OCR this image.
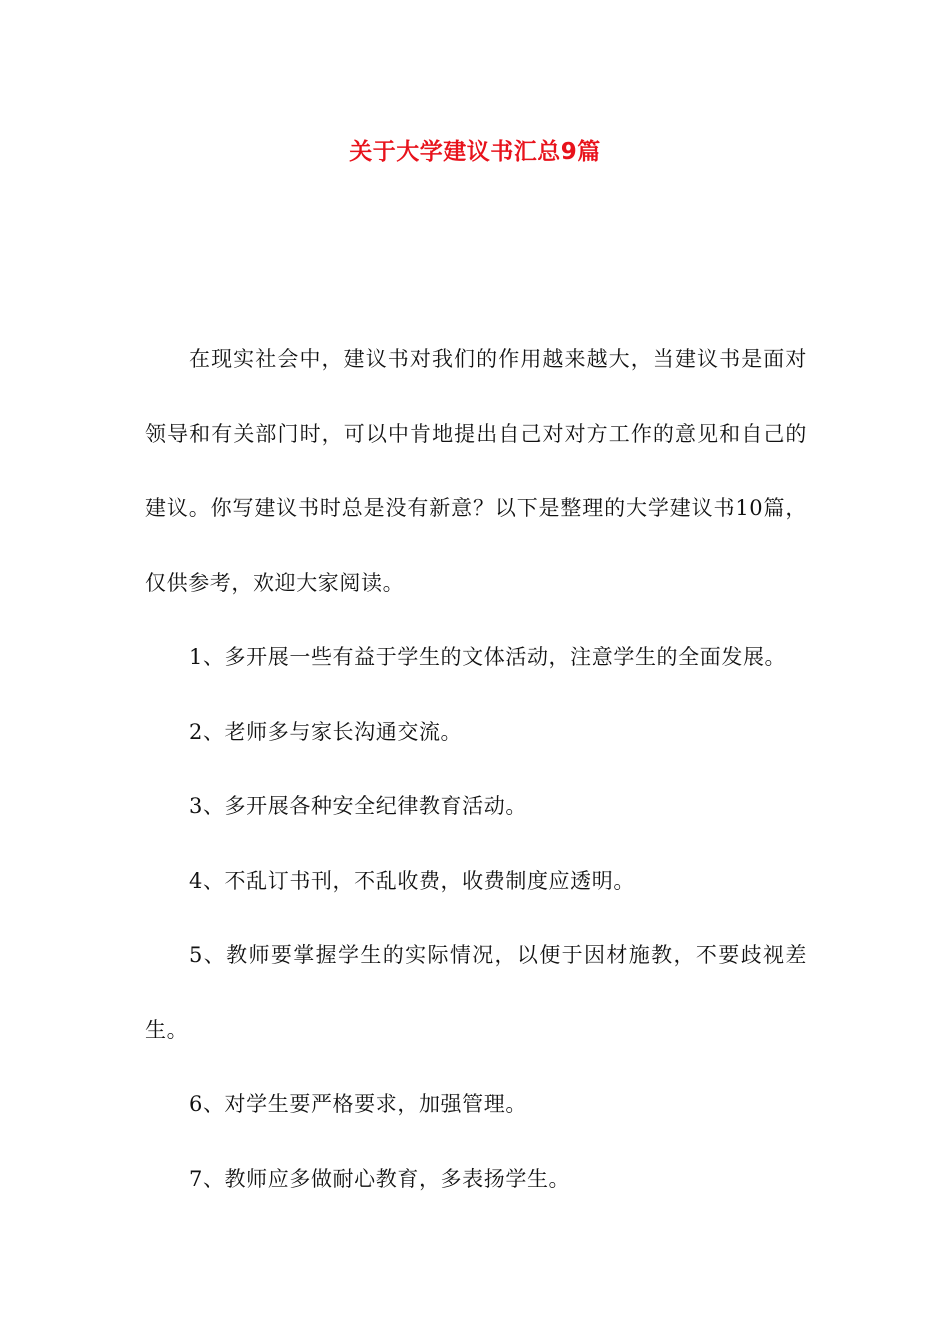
关于大学建议书汇总9篇

在现实社会中，建议书对我们的作用越来越大，当建议书是面对领导和有关部门时，可以中肯地提出自己对对方工作的意见和自己的建议。你写建议书时总是没有新意？以下是整理的大学建议书10篇，仅供参考，欢迎大家阅读。

1、多开展一些有益于学生的文体活动，注意学生的全面发展。

2、老师多与家长沟通交流。

3、多开展各种安全纪律教育活动。

4、不乱订书刊，不乱收费，收费制度应透明。

5、教师要掌握学生的实际情况，以便于因材施教，不要歧视差生。

6、对学生要严格要求，加强管理。

7、教师应多做耐心教育，多表扬学生。
